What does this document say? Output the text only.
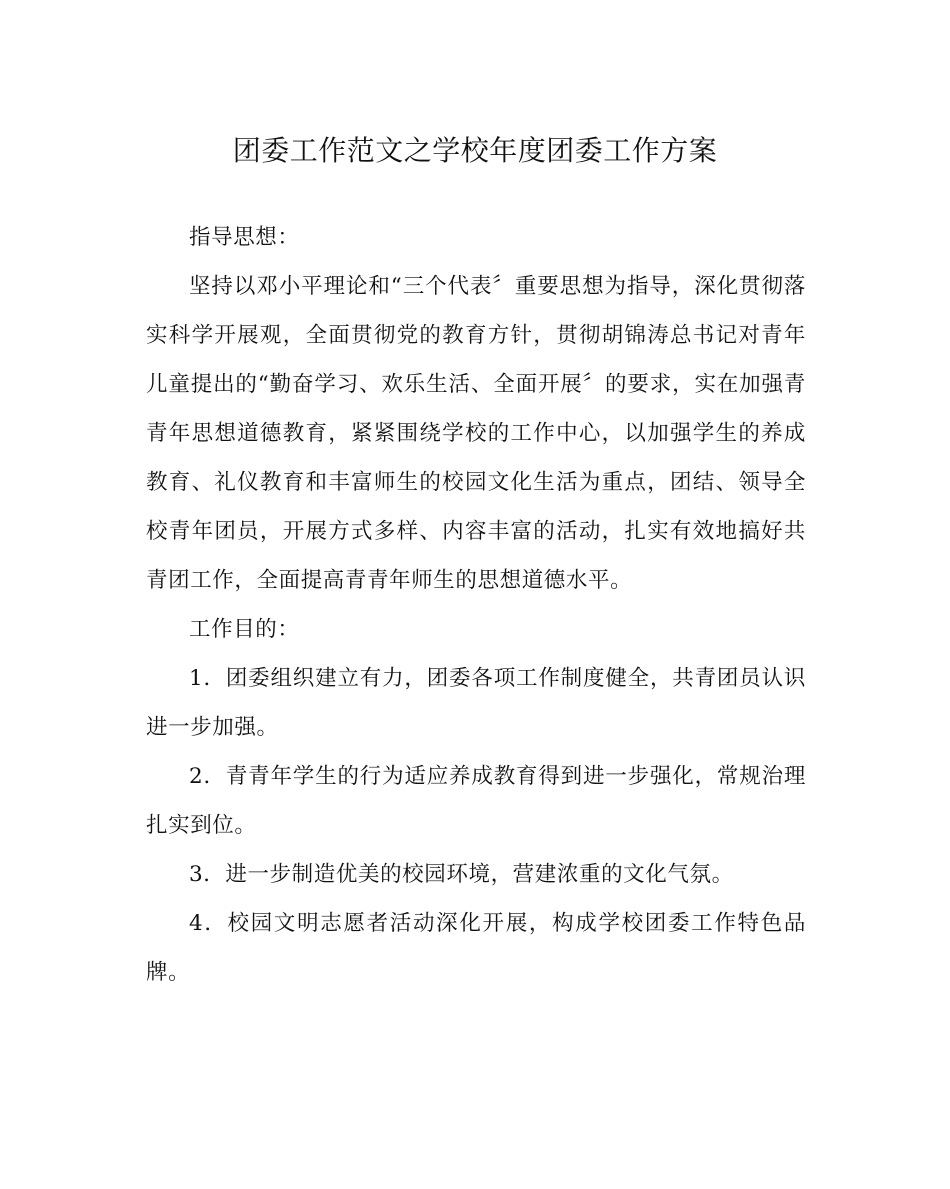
团委工作范文之学校年度团委工作方案

指导思想：

坚持以邓小平理论和“三个代表〞重要思想为指导，深化贯彻落实科学开展观，全面贯彻党的教育方针，贯彻胡锦涛总书记对青年儿童提出的“勤奋学习、欢乐生活、全面开展〞的要求，实在加强青青年思想道德教育，紧紧围绕学校的工作中心，以加强学生的养成教育、礼仪教育和丰富师生的校园文化生活为重点，团结、领导全校青年团员，开展方式多样、内容丰富的活动，扎实有效地搞好共青团工作，全面提高青青年师生的思想道德水平。

工作目的：

1．团委组织建立有力，团委各项工作制度健全，共青团员认识进一步加强。

2．青青年学生的行为适应养成教育得到进一步强化，常规治理扎实到位。

3．进一步制造优美的校园环境，营建浓重的文化气氛。

4．校园文明志愿者活动深化开展，构成学校团委工作特色品牌。
